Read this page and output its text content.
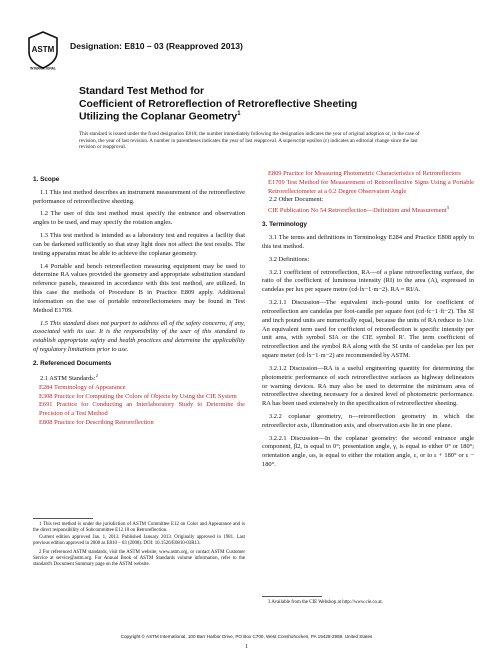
ASTM
INTERNATIONAL
Designation: E810 – 03 (Reapproved 2013)
Standard Test Method for
Coefficient of Retroreflection of Retroreflective Sheeting
Utilizing the Coplanar Geometry$^1$
This standard is issued under the fixed designation E810; the number immediately following the designation indicates the year of original adoption or, in the case of revision, the year of last revision. A number in parentheses indicates the year of last reapproval. A superscript epsilon (ε) indicates an editorial change since the last revision or reapproval.
1. Scope

1.1 This test method describes an instrument measurement of the retroreflective performance of retroreflective sheeting.

1.2 The user of this test method must specify the entrance and observation angles to be used, and may specify the rotation angles.

1.3 This test method is intended as a laboratory test and requires a facility that can be darkened sufficiently so that stray light does not affect the test results. The testing apparatus must be able to achieve the coplanar geometry.

1.4 Portable and bench retroreflection measuring equipment may be used to determine RA values provided the geometry and appropriate substitution standard reference panels, measured in accordance with this test method, are utilized. In this case the methods of Procedure B in Practice E809 apply. Additional information on the use of portable retroreflectometers may be found in Test Method E1709.

1.5 This standard does not purport to address all of the safety concerns, if any, associated with its use. It is the responsibility of the user of this standard to establish appropriate safety and health practices and determine the applicability of regulatory limitations prior to use.

2. Referenced Documents

2.1 ASTM Standards:$^2$

E284 Terminology of Appearance
E308 Practice for Computing the Colors of Objects by Using the CIE System
E691 Practice for Conducting an Interlaboratory Study to Determine the Precision of a Test Method
E808 Practice for Describing Retroreflection
E809 Practice for Measuring Photometric Characteristics of Retroreflectors
E1709 Test Method for Measurement of Retroreflective Signs Using a Portable Retroreflectometer at a 0.2 Degree Observation Angle

2.2 Other Document:

CIE Publication No 54 Retroreflection—Definition and Measurement$^3$
3. Terminology

3.1 The terms and definitions in Terminology E284 and Practice E808 apply to this test method.

3.2 Definitions:

3.2.1 coefficient of retroreflection, RA—of a plane retroreflecting surface, the ratio of the coefficient of luminous intensity (RI) to the area (A), expressed in candelas per lux per square metre (cd·lx−1·m−2). RA = RI/A.

3.2.1.1 Discussion—The equivalent inch–pound units for coefficient of retroreflection are candelas per foot-candle per square foot (cd·fc−1·ft−2). The SI and inch pound units are numerically equal, because the units of RA reduce to 1/sr. An equivalent term used for coefficient of retroreflection is specific intensity per unit area, with symbol SIA or the CIE symbol R'. The term coefficient of retroreflection and the symbol RA along with the SI units of candelas per lux per square meter (cd·lx−1·m−2) are recommended by ASTM.

3.2.1.2 Discussion—RA is a useful engineering quantity for determining the photometric performance of such retroreflective surfaces as highway delineators or warning devices. RA may also be used to determine the minimum area of retroreflective sheeting necessary for a desired level of photometric performance. RA has been used extensively in the specification of retroreflective sheeting.

3.2.2 coplanar geometry, n—retroreflection geometry in which the retroreflector axis, illumination axis, and observation axis lie in one plane.

3.2.2.1 Discussion—In the coplanar geometry: the second entrance angle component, β2, is equal to 0°; presentation angle, γ, is equal to either 0° or 180°; orientation angle, ωs, is equal to either the rotation angle, ε, or to ε + 180° or ε − 180°.

1 This test method is under the jurisdiction of ASTM Committee E12 on Color and Appearance and is the direct responsibility of Subcommittee E12.10 on Retroreflection.
Current edition approved Jan. 1, 2013. Published January 2013. Originally approved in 1981. Last previous edition approved in 2008 as E810 – 03 (2008). DOI: 10.1520/E0810-03R13.
2 For referenced ASTM standards, visit the ASTM website, www.astm.org, or contact ASTM Customer Service at service@astm.org. For Annual Book of ASTM Standards volume information, refer to the standard's Document Summary page on the ASTM website.
3 Available from the CIE Webshop at http://www.cie.co.at.
Copyright © ASTM International, 100 Barr Harbor Drive, PO Box C700, West Conshohocken, PA 19428-2959. United States
1
